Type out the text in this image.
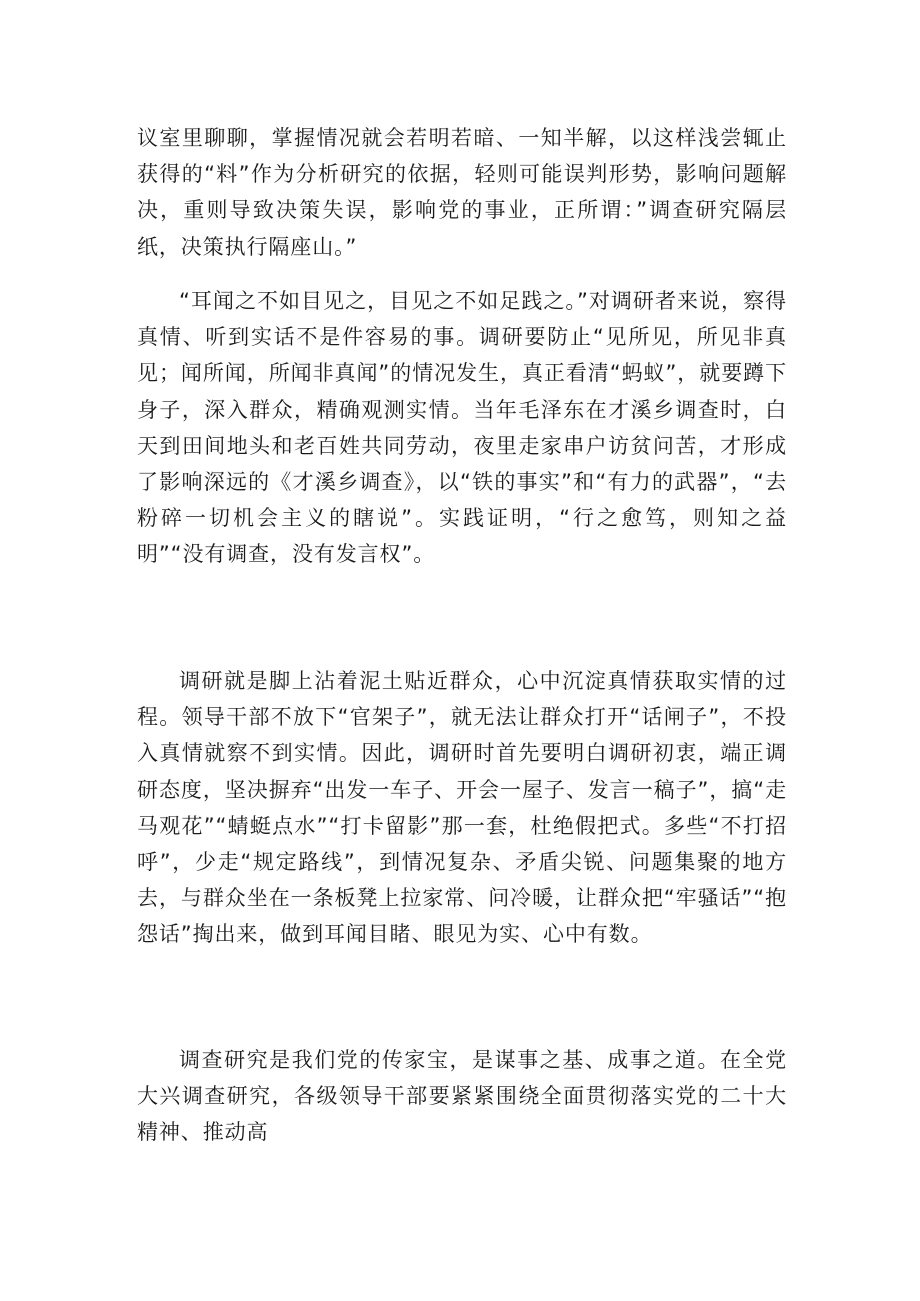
议室里聊聊，掌握情况就会若明若暗、一知半解，以这样浅尝辄止获得的“料”作为分析研究的依据，轻则可能误判形势，影响问题解决，重则导致决策失误，影响党的事业，正所谓：”调查研究隔层纸，决策执行隔座山。”

“耳闻之不如目见之，目见之不如足践之。”对调研者来说，察得真情、听到实话不是件容易的事。调研要防止“见所见，所见非真见；闻所闻，所闻非真闻”的情况发生，真正看清“蚂蚁”，就要蹲下身子，深入群众，精确观测实情。当年毛泽东在才溪乡调查时，白天到田间地头和老百姓共同劳动，夜里走家串户访贫问苦，才形成了影响深远的《才溪乡调查》，以“铁的事实”和“有力的武器”，“去粉碎一切机会主义的瞎说”。实践证明，“行之愈笃，则知之益明”“没有调查，没有发言权”。

调研就是脚上沾着泥土贴近群众，心中沉淀真情获取实情的过程。领导干部不放下“官架子”，就无法让群众打开“话闸子”，不投入真情就察不到实情。因此，调研时首先要明白调研初衷，端正调研态度，坚决摒弃“出发一车子、开会一屋子、发言一稿子”，搞“走马观花”“蜻蜓点水”“打卡留影”那一套，杜绝假把式。多些“不打招呼”，少走“规定路线”，到情况复杂、矛盾尖锐、问题集聚的地方去，与群众坐在一条板凳上拉家常、问冷暖，让群众把“牢骚话”“抱怨话”掏出来，做到耳闻目睹、眼见为实、心中有数。

调查研究是我们党的传家宝，是谋事之基、成事之道。在全党大兴调查研究，各级领导干部要紧紧围绕全面贯彻落实党的二十大精神、推动高
